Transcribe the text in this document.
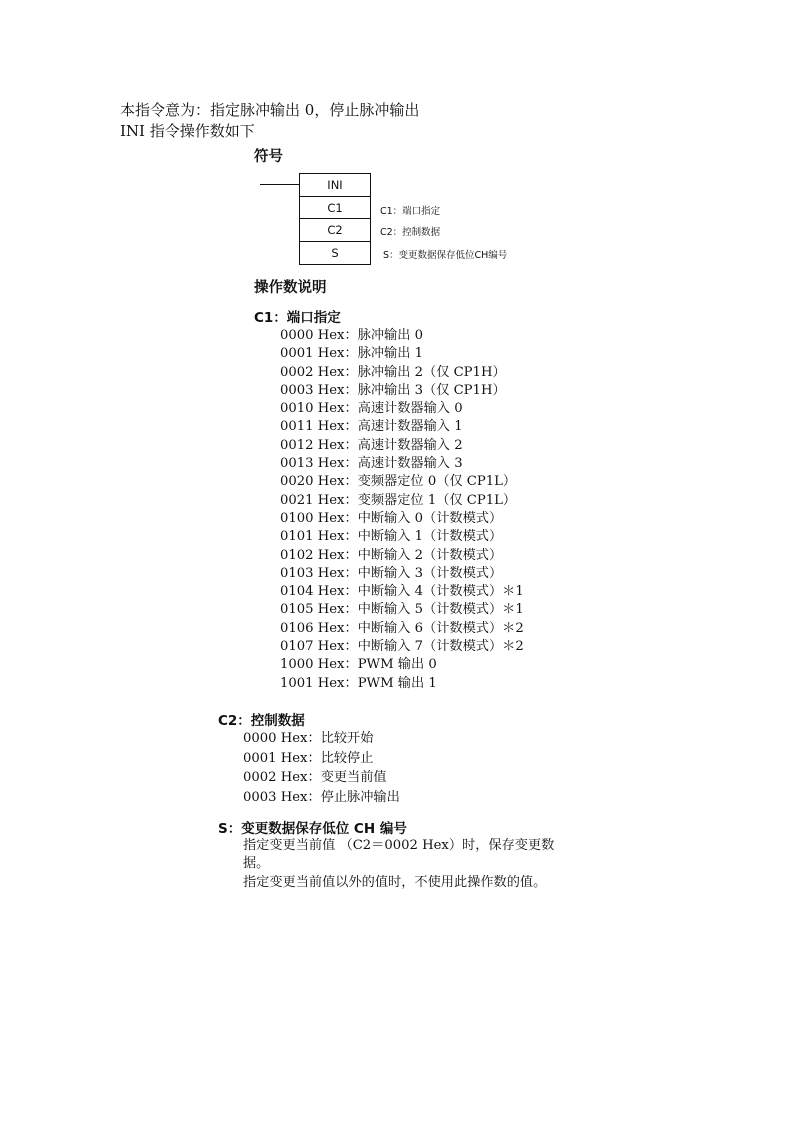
本指令意为：指定脉冲输出 0，停止脉冲输出
INI 指令操作数如下
符号
INI
C1
C2
S
C1：端口指定
C2：控制数据
S：变更数据保存低位CH编号
操作数说明
C1：端口指定
0000 Hex：脉冲输出 0
0001 Hex：脉冲输出 1
0002 Hex：脉冲输出 2（仅 CP1H）
0003 Hex：脉冲输出 3（仅 CP1H）
0010 Hex：高速计数器输入 0
0011 Hex：高速计数器输入 1
0012 Hex：高速计数器输入 2
0013 Hex：高速计数器输入 3
0020 Hex：变频器定位 0（仅 CP1L）
0021 Hex：变频器定位 1（仅 CP1L）
0100 Hex：中断输入 0（计数模式）
0101 Hex：中断输入 1（计数模式）
0102 Hex：中断输入 2（计数模式）
0103 Hex：中断输入 3（计数模式）
0104 Hex：中断输入 4（计数模式）＊1
0105 Hex：中断输入 5（计数模式）＊1
0106 Hex：中断输入 6（计数模式）＊2
0107 Hex：中断输入 7（计数模式）＊2
1000 Hex：PWM 输出 0
1001 Hex：PWM 输出 1
C2：控制数据
0000 Hex：比较开始
0001 Hex：比较停止
0002 Hex：变更当前值
0003 Hex：停止脉冲输出
S：变更数据保存低位 CH 编号
指定变更当前值 （C2＝0002 Hex）时，保存变更数
据。
指定变更当前值以外的值时，不使用此操作数的值。
